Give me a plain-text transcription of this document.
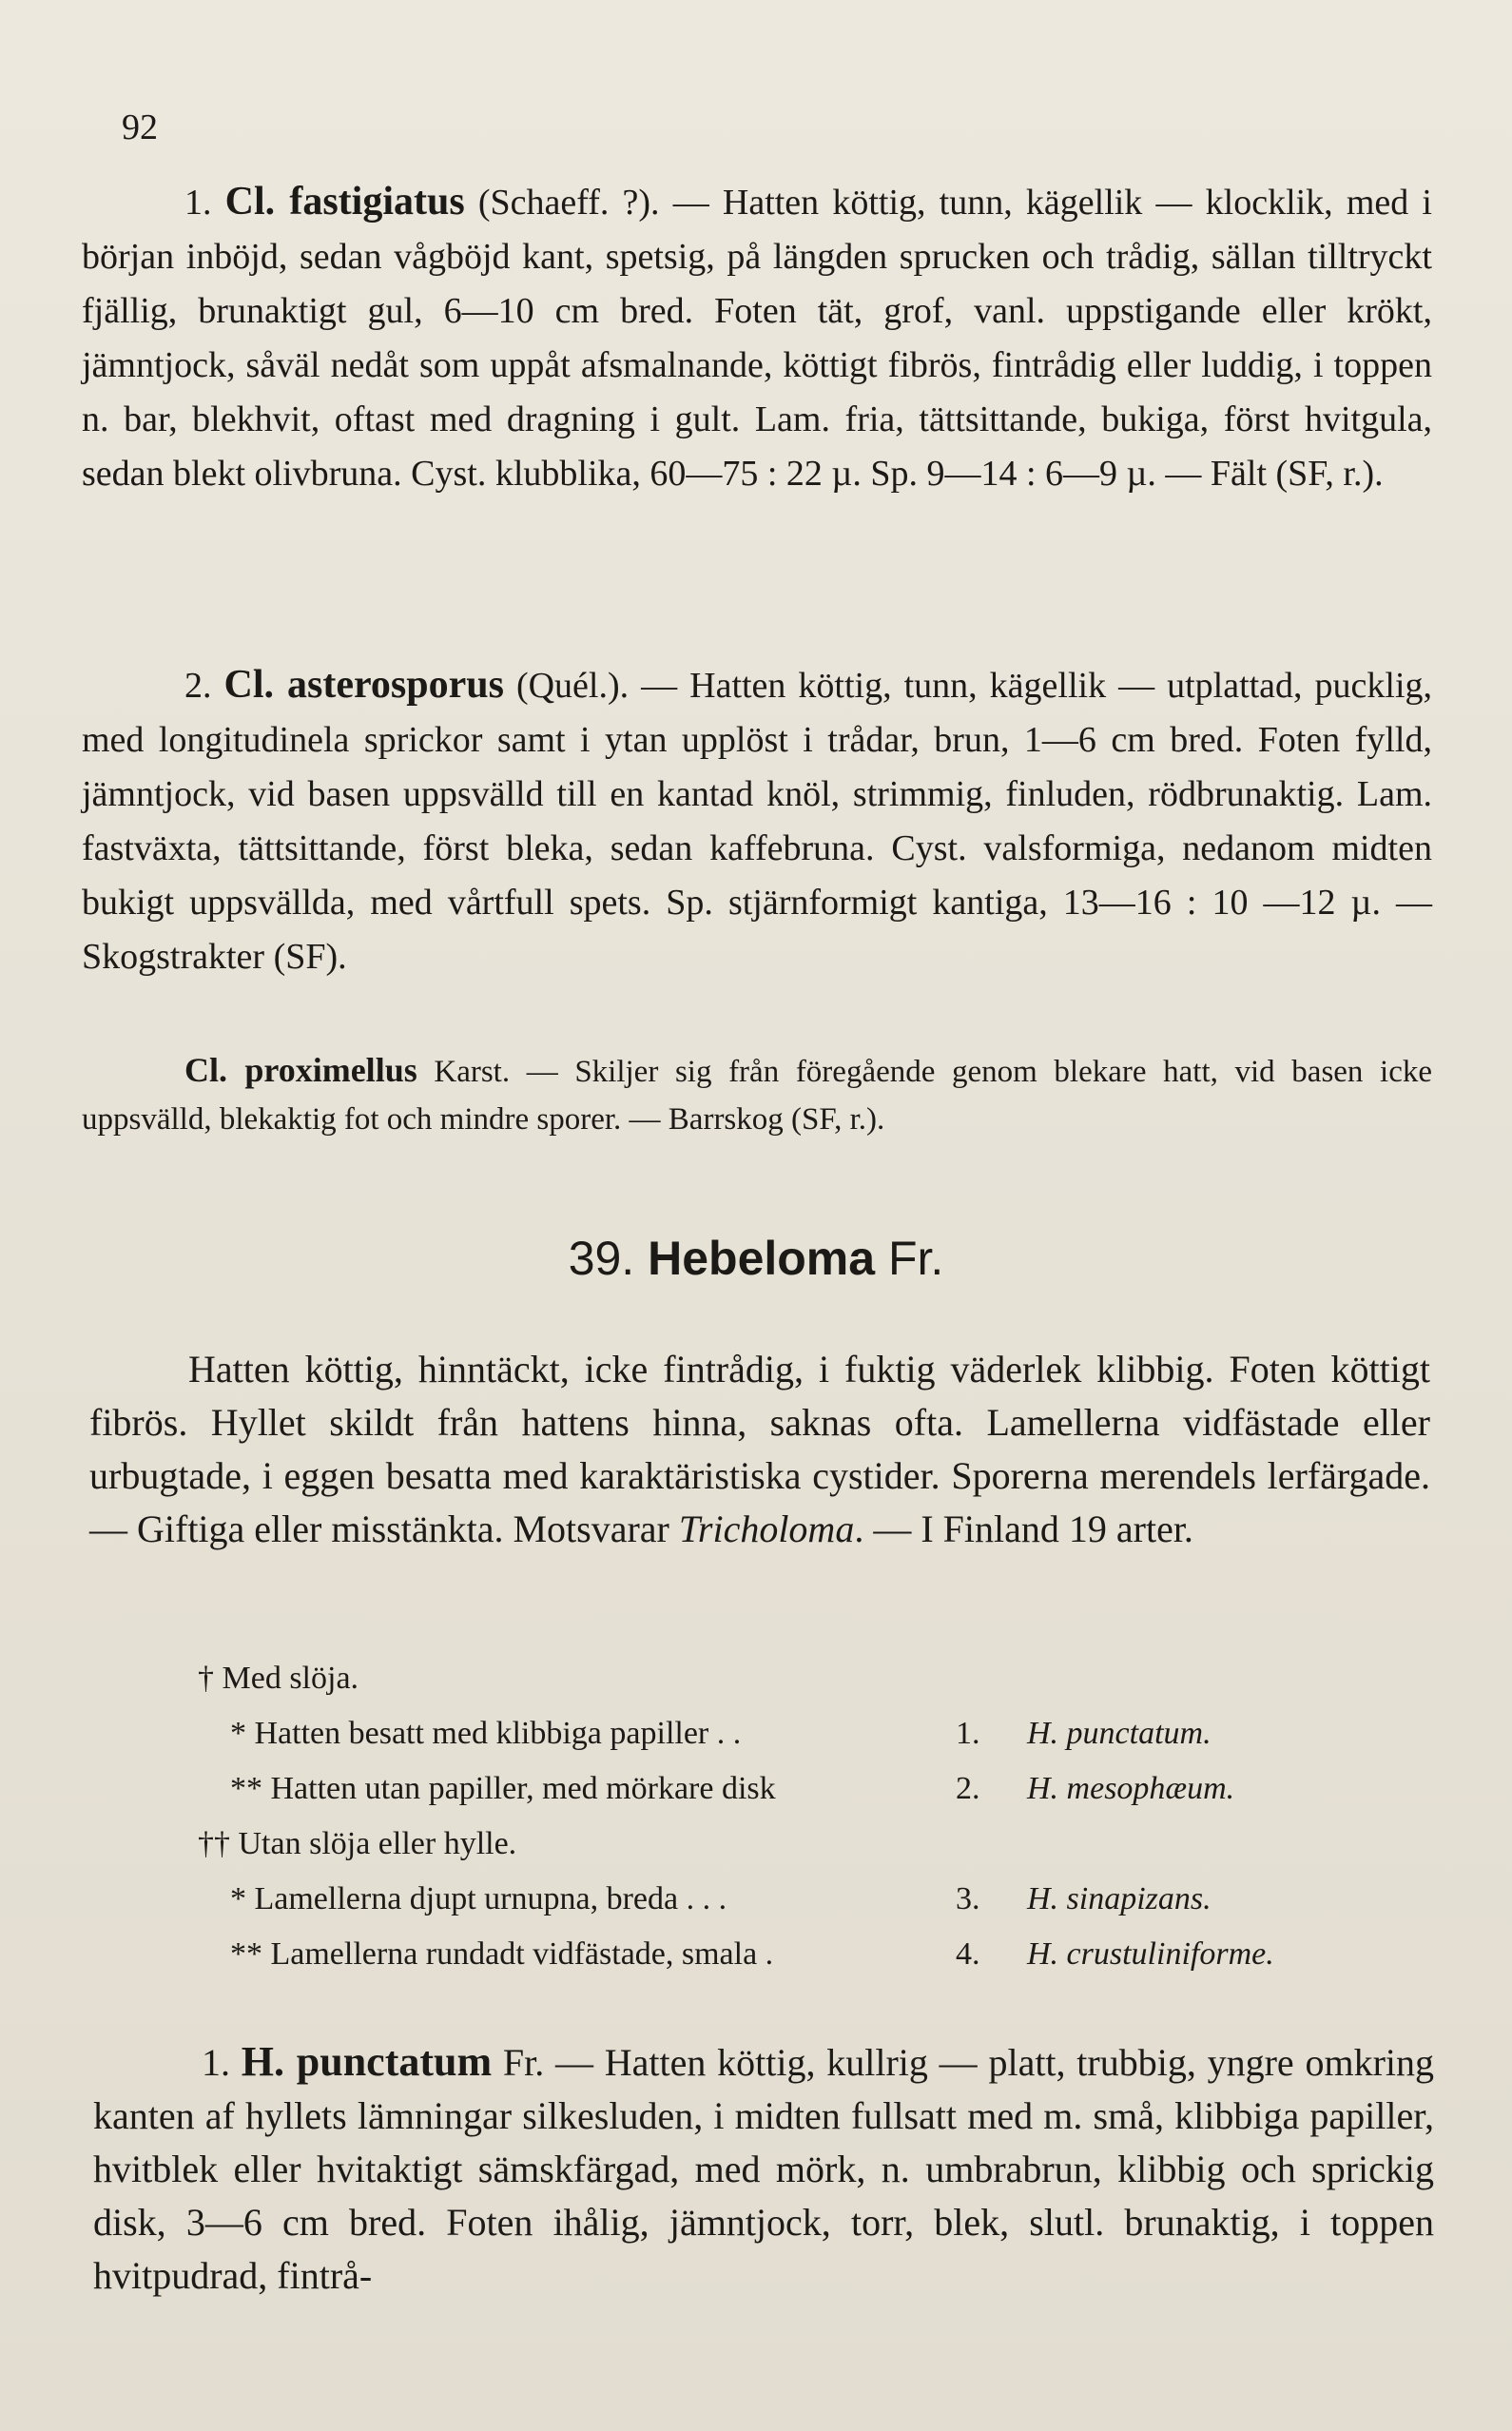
92

1. Cl. fastigiatus (Schaeff. ?). — Hatten köttig, tunn, kägellik — klocklik, med i början inböjd, sedan vågböjd kant, spetsig, på längden sprucken och trådig, sällan tilltryckt fjällig, brunaktigt gul, 6—10 cm bred. Foten tät, grof, vanl. uppstigande eller krökt, jämntjock, såväl nedåt som uppåt afsmalnande, köttigt fibrös, fintrådig eller luddig, i toppen n. bar, blekhvit, oftast med dragning i gult. Lam. fria, tättsittande, bukiga, först hvitgula, sedan blekt olivbruna. Cyst. klubblika, 60—75 : 22 µ. Sp. 9—14 : 6—9 µ. — Fält (SF, r.).

2. Cl. asterosporus (Quél.). — Hatten köttig, tunn, kägellik — utplattad, pucklig, med longitudinela sprickor samt i ytan upplöst i trådar, brun, 1—6 cm bred. Foten fylld, jämntjock, vid basen uppsvälld till en kantad knöl, strimmig, finluden, rödbrunaktig. Lam. fastväxta, tättsittande, först bleka, sedan kaffebruna. Cyst. valsformiga, nedanom midten bukigt uppsvällda, med vårtfull spets. Sp. stjärnformigt kantiga, 13—16 : 10 —12 µ. — Skogstrakter (SF).

Cl. proximellus Karst. — Skiljer sig från föregående genom blekare hatt, vid basen icke uppsvälld, blekaktig fot och mindre sporer. — Barrskog (SF, r.).

39. Hebeloma Fr.

Hatten köttig, hinntäckt, icke fintrådig, i fuktig väderlek klibbig. Foten köttigt fibrös. Hyllet skildt från hattens hinna, saknas ofta. Lamellerna vidfästade eller urbugtade, i eggen besatta med karaktäristiska cystider. Sporerna merendels lerfärgade. — Giftiga eller misstänkta. Motsvarar Tricholoma. — I Finland 19 arter.

† Med slöja.
* Hatten besatt med klibbiga papiller . .	1. H. punctatum.
** Hatten utan papiller, med mörkare disk	2. H. mesophæum.
†† Utan slöja eller hylle.
* Lamellerna djupt urnupna, breda . . .	3. H. sinapizans.
** Lamellerna rundadt vidfästade, smala .	4. H. crustuliniforme.

1. H. punctatum Fr. — Hatten köttig, kullrig — platt, trubbig, yngre omkring kanten af hyllets lämningar silkesluden, i midten fullsatt med m. små, klibbiga papiller, hvitblek eller hvitaktigt sämskfärgad, med mörk, n. umbrabrun, klibbig och sprickig disk, 3—6 cm bred. Foten ihålig, jämntjock, torr, blek, slutl. brunaktig, i toppen hvitpudrad, fintrå-
